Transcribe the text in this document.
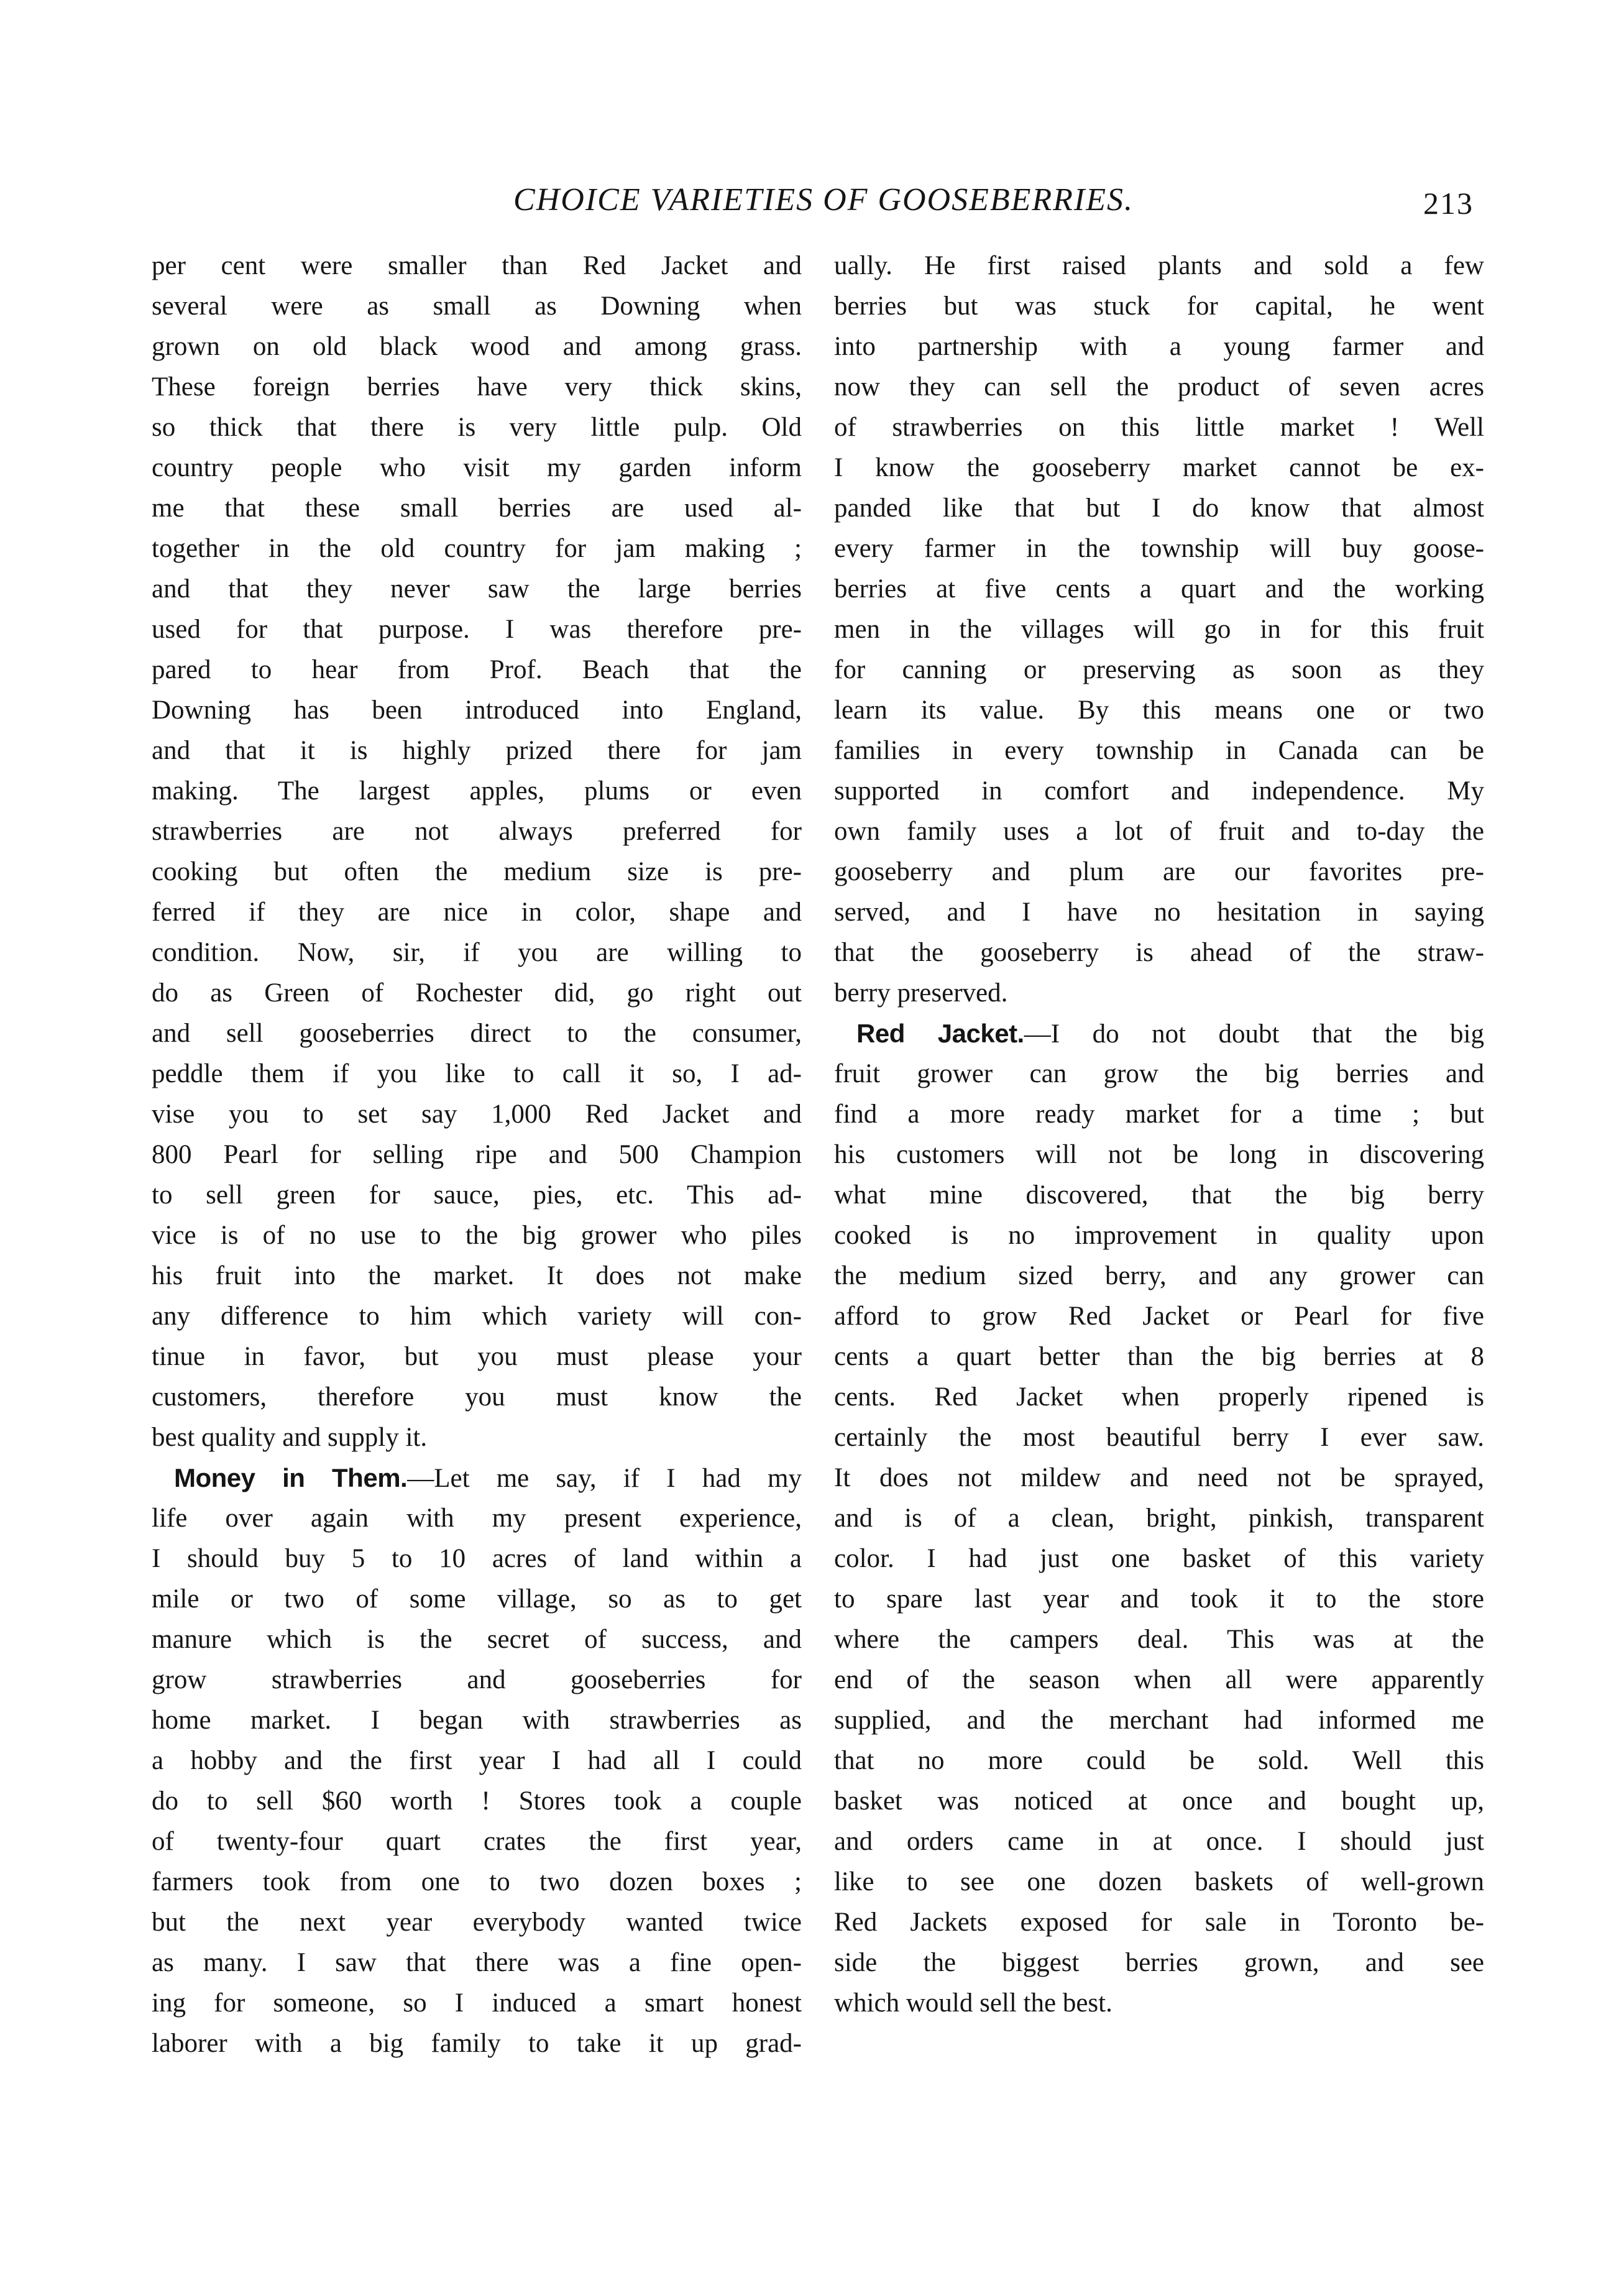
CHOICE VARIETIES OF GOOSEBERRIES.	213
per cent were smaller than Red Jacket and
several were as small as Downing when
grown on old black wood and among grass.
These foreign berries have very thick skins,
so thick that there is very little pulp. Old
country people who visit my garden inform
me that these small berries are used al-
together in the old country for jam making ;
and that they never saw the large berries
used for that purpose. I was therefore pre-
pared to hear from Prof. Beach that the
Downing has been introduced into England,
and that it is highly prized there for jam
making. The largest apples, plums or even
strawberries are not always preferred for
cooking but often the medium size is pre-
ferred if they are nice in color, shape and
condition. Now, sir, if you are willing to
do as Green of Rochester did, go right out
and sell gooseberries direct to the consumer,
peddle them if you like to call it so, I ad-
vise you to set say 1,000 Red Jacket and
800 Pearl for selling ripe and 500 Champion
to sell green for sauce, pies, etc. This ad-
vice is of no use to the big grower who piles
his fruit into the market. It does not make
any difference to him which variety will con-
tinue in favor, but you must please your
customers, therefore you must know the
best quality and supply it.
Money in Them.—Let me say, if I had my
life over again with my present experience,
I should buy 5 to 10 acres of land within a
mile or two of some village, so as to get
manure which is the secret of success, and
grow strawberries and gooseberries for
home market. I began with strawberries as
a hobby and the first year I had all I could
do to sell $60 worth ! Stores took a couple
of twenty-four quart crates the first year,
farmers took from one to two dozen boxes ;
but the next year everybody wanted twice
as many. I saw that there was a fine open-
ing for someone, so I induced a smart honest
laborer with a big family to take it up grad-
ually. He first raised plants and sold a few
berries but was stuck for capital, he went
into partnership with a young farmer and
now they can sell the product of seven acres
of strawberries on this little market ! Well
I know the gooseberry market cannot be ex-
panded like that but I do know that almost
every farmer in the township will buy goose-
berries at five cents a quart and the working
men in the villages will go in for this fruit
for canning or preserving as soon as they
learn its value. By this means one or two
families in every township in Canada can be
supported in comfort and independence. My
own family uses a lot of fruit and to-day the
gooseberry and plum are our favorites pre-
served, and I have no hesitation in saying
that the gooseberry is ahead of the straw-
berry preserved.
Red Jacket.—I do not doubt that the big
fruit grower can grow the big berries and
find a more ready market for a time ; but
his customers will not be long in discovering
what mine discovered, that the big berry
cooked is no improvement in quality upon
the medium sized berry, and any grower can
afford to grow Red Jacket or Pearl for five
cents a quart better than the big berries at 8
cents. Red Jacket when properly ripened is
certainly the most beautiful berry I ever saw.
It does not mildew and need not be sprayed,
and is of a clean, bright, pinkish, transparent
color. I had just one basket of this variety
to spare last year and took it to the store
where the campers deal. This was at the
end of the season when all were apparently
supplied, and the merchant had informed me
that no more could be sold. Well this
basket was noticed at once and bought up,
and orders came in at once. I should just
like to see one dozen baskets of well-grown
Red Jackets exposed for sale in Toronto be-
side the biggest berries grown, and see
which would sell the best.
